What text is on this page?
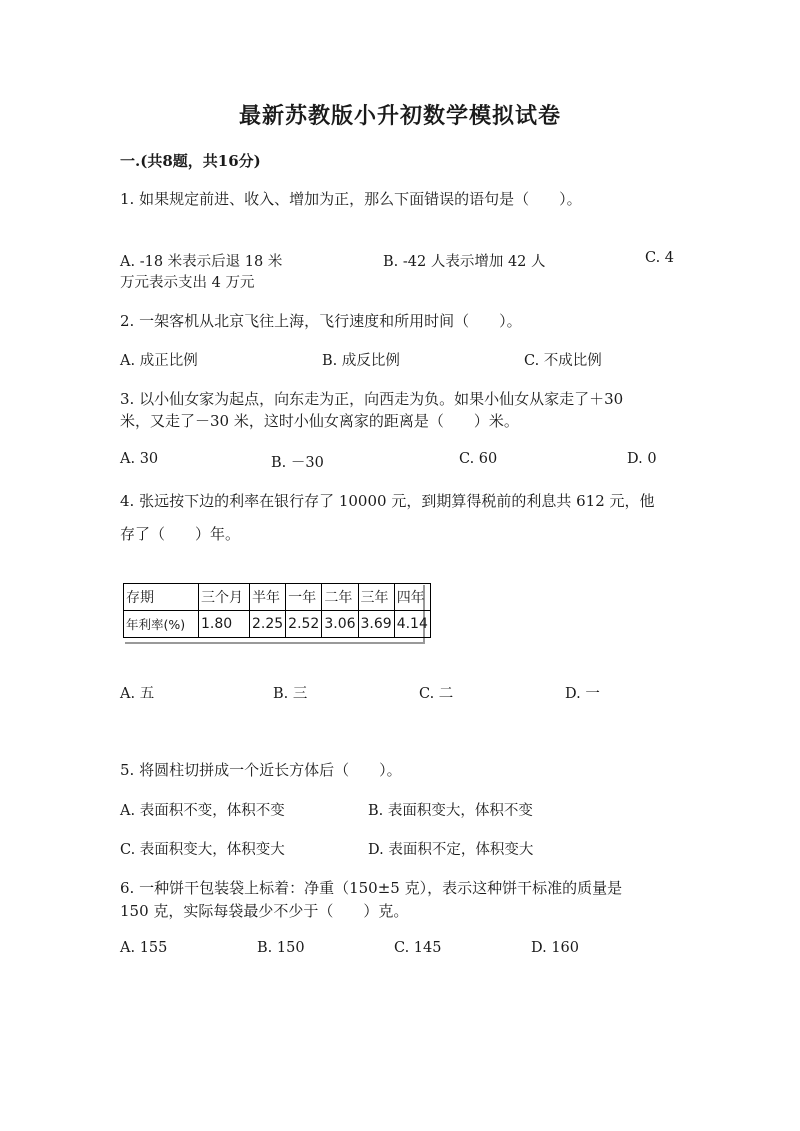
最新苏教版小升初数学模拟试卷
一.(共8题，共16分)
1. 如果规定前进、收入、增加为正，那么下面错误的语句是（　　）。
A. -18 米表示后退 18 米	B. -42 人表示增加 42 人	C. 4
万元表示支出 4 万元
2. 一架客机从北京飞往上海，飞行速度和所用时间（　　）。
A. 成正比例	B. 成反比例	C. 不成比例
3. 以小仙女家为起点，向东走为正，向西走为负。如果小仙女从家走了＋30
米，又走了－30 米，这时小仙女离家的距离是（　　）米。
A. 30	B. －30	C. 60	D. 0
4. 张远按下边的利率在银行存了 10000 元，到期算得税前的利息共 612 元，他
存了（　　）年。
存期	三个月	半年	一年	二年	三年	四年
年利率(%)	1.80	2.25	2.52	3.06	3.69	4.14
A. 五	B. 三	C. 二	D. 一
5. 将圆柱切拼成一个近长方体后（　　）。
A. 表面积不变，体积不变	B. 表面积变大，体积不变
C. 表面积变大，体积变大	D. 表面积不定，体积变大
6. 一种饼干包装袋上标着：净重（150±5 克），表示这种饼干标准的质量是
150 克，实际每袋最少不少于（　　）克。
A. 155	B. 150	C. 145	D. 160
